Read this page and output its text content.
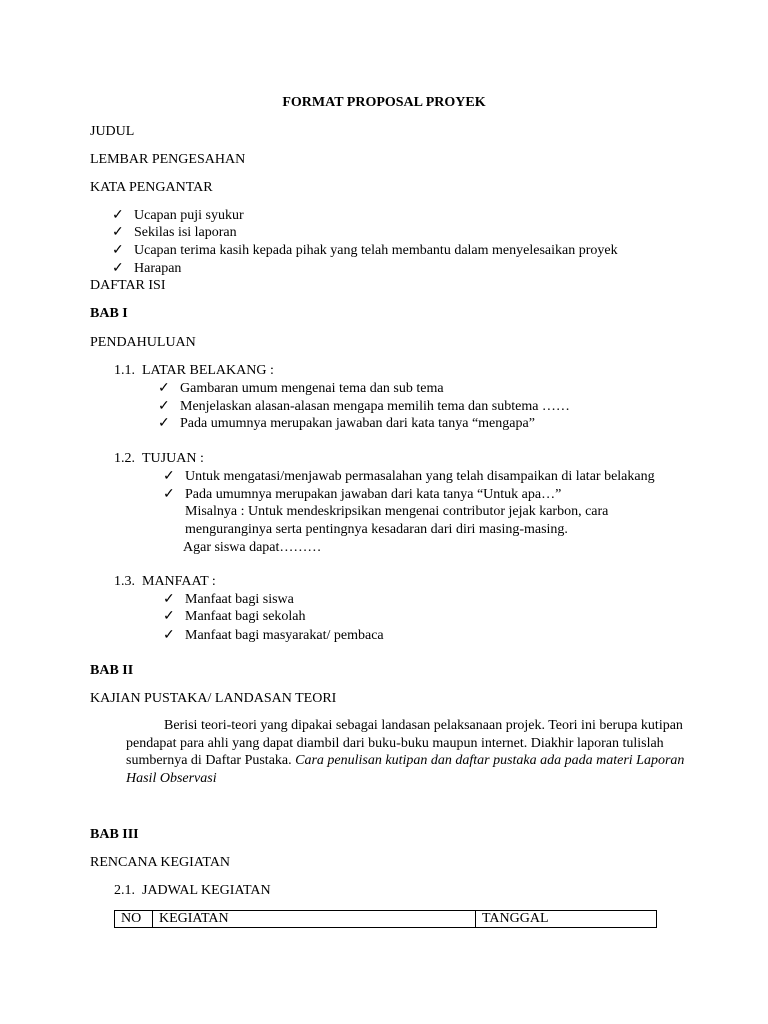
FORMAT PROPOSAL PROYEK
JUDUL
LEMBAR PENGESAHAN
KATA PENGANTAR
✓ Ucapan puji syukur
✓ Sekilas isi laporan
✓ Ucapan terima kasih kepada pihak yang telah membantu dalam menyelesaikan proyek
✓ Harapan
DAFTAR ISI
BAB I
PENDAHULUAN
1.1. LATAR BELAKANG :
✓ Gambaran umum mengenai tema dan sub tema
✓ Menjelaskan alasan-alasan mengapa memilih tema dan subtema ……
✓ Pada umumnya merupakan jawaban dari kata tanya “mengapa”
1.2. TUJUAN :
✓ Untuk mengatasi/menjawab permasalahan yang telah disampaikan di latar belakang
✓ Pada umumnya merupakan jawaban dari kata tanya “Untuk apa…”
Misalnya : Untuk mendeskripsikan mengenai contributor jejak karbon, cara
menguranginya serta pentingnya kesadaran dari diri masing-masing.
Agar siswa dapat………
1.3. MANFAAT :
✓ Manfaat bagi siswa
✓ Manfaat bagi sekolah
✓ Manfaat bagi masyarakat/ pembaca
BAB II
KAJIAN PUSTAKA/ LANDASAN TEORI
Berisi teori-teori yang dipakai sebagai landasan pelaksanaan projek. Teori ini berupa kutipan pendapat para ahli yang dapat diambil dari buku-buku maupun internet. Diakhir laporan tulislah sumbernya di Daftar Pustaka. Cara penulisan kutipan dan daftar pustaka ada pada materi Laporan Hasil Observasi
BAB III
RENCANA KEGIATAN
2.1. JADWAL KEGIATAN
NO	KEGIATAN	TANGGAL
